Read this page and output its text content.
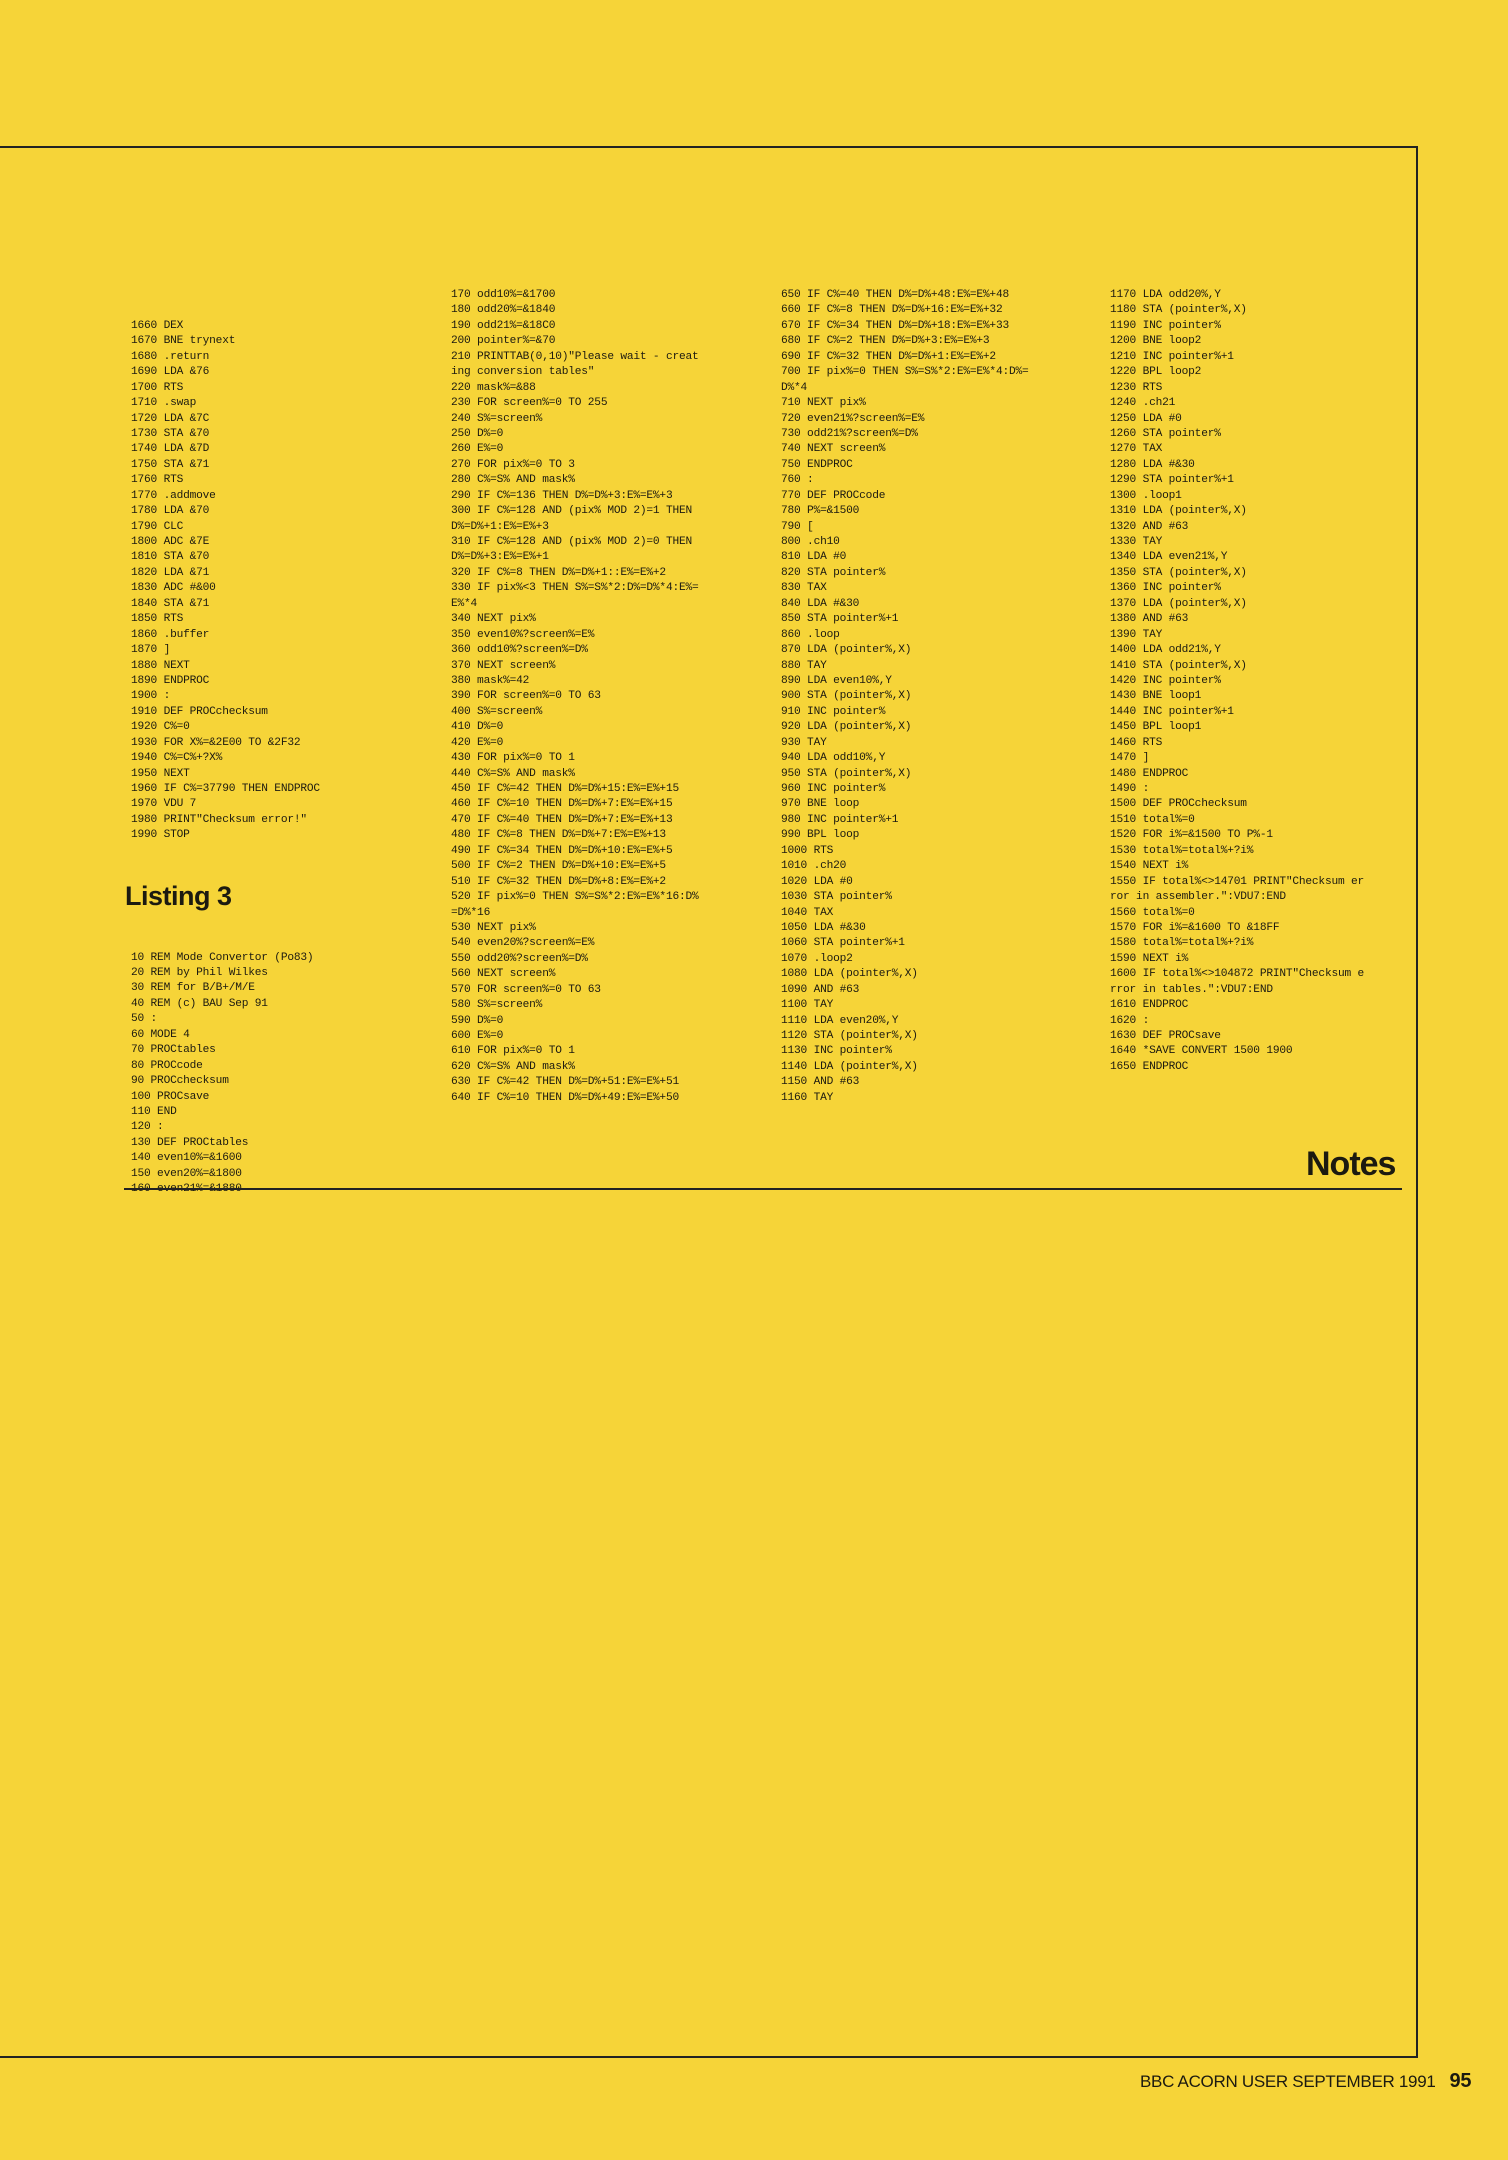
1660 DEX
1670 BNE trynext
1680 .return
1690 LDA &76
1700 RTS
1710 .swap
1720 LDA &7C
1730 STA &70
1740 LDA &7D
1750 STA &71
1760 RTS
1770 .addmove
1780 LDA &70
1790 CLC
1800 ADC &7E
1810 STA &70
1820 LDA &71
1830 ADC #&00
1840 STA &71
1850 RTS
1860 .buffer
1870 ]
1880 NEXT
1890 ENDPROC
1900 :
1910 DEF PROCchecksum
1920 C%=0
1930 FOR X%=&2E00 TO &2F32
1940 C%=C%+?X%
1950 NEXT
1960 IF C%=37790 THEN ENDPROC
1970 VDU 7
1980 PRINT"Checksum error!"
1990 STOP

Listing 3

10 REM Mode Convertor (Po83)
20 REM by Phil Wilkes
30 REM for B/B+/M/E
40 REM (c) BAU Sep 91
50 :
60 MODE 4
70 PROCtables
80 PROCcode
90 PROCchecksum
100 PROCsave
110 END
120 :
130 DEF PROCtables
140 even10%=&1600
150 even20%=&1800

170 odd10%=&1700
180 odd20%=&1840
190 odd21%=&18C0
200 pointer%=&70
210 PRINTTAB(0,10)"Please wait - creat
ing conversion tables"
220 mask%=&88
230 FOR screen%=0 TO 255
240 S%=screen%
250 D%=0
260 E%=0
270 FOR pix%=0 TO 3
280 C%=S% AND mask%
290 IF C%=136 THEN D%=D%+3:E%=E%+3
300 IF C%=128 AND (pix% MOD 2)=1 THEN
D%=D%+1:E%=E%+3
310 IF C%=128 AND (pix% MOD 2)=0 THEN
D%=D%+3:E%=E%+1
320 IF C%=8 THEN D%=D%+1::E%=E%+2
330 IF pix%<3 THEN S%=S%*2:D%=D%*4:E%=
E%*4
340 NEXT pix%
350 even10%?screen%=E%
360 odd10%?screen%=D%
370 NEXT screen%
380 mask%=42
390 FOR screen%=0 TO 63
400 S%=screen%
410 D%=0
420 E%=0
430 FOR pix%=0 TO 1
440 C%=S% AND mask%
450 IF C%=42 THEN D%=D%+15:E%=E%+15
460 IF C%=10 THEN D%=D%+7:E%=E%+15
470 IF C%=40 THEN D%=D%+7:E%=E%+13
480 IF C%=8 THEN D%=D%+7:E%=E%+13
490 IF C%=34 THEN D%=D%+10:E%=E%+5
500 IF C%=2 THEN D%=D%+10:E%=E%+5
510 IF C%=32 THEN D%=D%+8:E%=E%+2
520 IF pix%=0 THEN S%=S%*2:E%=E%*16:D%
=D%*16
530 NEXT pix%
540 even20%?screen%=E%
550 odd20%?screen%=D%
560 NEXT screen%
570 FOR screen%=0 TO 63
580 S%=screen%
590 D%=0
600 E%=0
610 FOR pix%=0 TO 1
620 C%=S% AND mask%
630 IF C%=42 THEN D%=D%+51:E%=E%+51
640 IF C%=10 THEN D%=D%+49:E%=E%+50
650 IF C%=40 THEN D%=D%+48:E%=E%+48
660 IF C%=8 THEN D%=D%+16:E%=E%+32
670 IF C%=34 THEN D%=D%+18:E%=E%+33
680 IF C%=2 THEN D%=D%+3:E%=E%+3
690 IF C%=32 THEN D%=D%+1:E%=E%+2
700 IF pix%=0 THEN S%=S%*2:E%=E%*4:D%=
D%*4
710 NEXT pix%
720 even21%?screen%=E%
730 odd21%?screen%=D%
740 NEXT screen%
750 ENDPROC
760 :
770 DEF PROCcode
780 P%=&1500
790 [
800 .ch10
810 LDA #0
820 STA pointer%
830 TAX
840 LDA #&30
850 STA pointer%+1
860 .loop
870 LDA (pointer%,X)
880 TAY
890 LDA even10%,Y
900 STA (pointer%,X)
910 INC pointer%
920 LDA (pointer%,X)
930 TAY
940 LDA odd10%,Y
950 STA (pointer%,X)
960 INC pointer%
970 BNE loop
980 INC pointer%+1
990 BPL loop
1000 RTS
1010 .ch20
1020 LDA #0
1030 STA pointer%
1040 TAX
1050 LDA #&30
1060 STA pointer%+1
1070 .loop2
1080 LDA (pointer%,X)
1090 AND #63
1100 TAY
1110 LDA even20%,Y
1120 STA (pointer%,X)
1130 INC pointer%
1140 LDA (pointer%,X)
1150 AND #63
1160 TAY
1170 LDA odd20%,Y
1180 STA (pointer%,X)
1190 INC pointer%
1200 BNE loop2
1210 INC pointer%+1
1220 BPL loop2
1230 RTS
1240 .ch21
1250 LDA #0
1260 STA pointer%
1270 TAX
1280 LDA #&30
1290 STA pointer%+1
1300 .loop1
1310 LDA (pointer%,X)
1320 AND #63
1330 TAY
1340 LDA even21%,Y
1350 STA (pointer%,X)
1360 INC pointer%
1370 LDA (pointer%,X)
1380 AND #63
1390 TAY
1400 LDA odd21%,Y
1410 STA (pointer%,X)
1420 INC pointer%
1430 BNE loop1
1440 INC pointer%+1
1450 BPL loop1
1460 RTS
1470 ]
1480 ENDPROC
1490 :
1500 DEF PROCchecksum
1510 total%=0
1520 FOR i%=&1500 TO P%-1
1530 total%=total%+?i%
1540 NEXT i%
1550 IF total%<>14701 PRINT"Checksum er
ror in assembler.":VDU7:END
1560 total%=0
1570 FOR i%=&1600 TO &18FF
1580 total%=total%+?i%
1590 NEXT i%
1600 IF total%<>104872 PRINT"Checksum e
rror in tables.":VDU7:END
1610 ENDPROC
1620 :
1630 DEF PROCsave
1640 *SAVE CONVERT 1500 1900
1650 ENDPROC
Notes
BBC ACORN USER SEPTEMBER 1991 95
